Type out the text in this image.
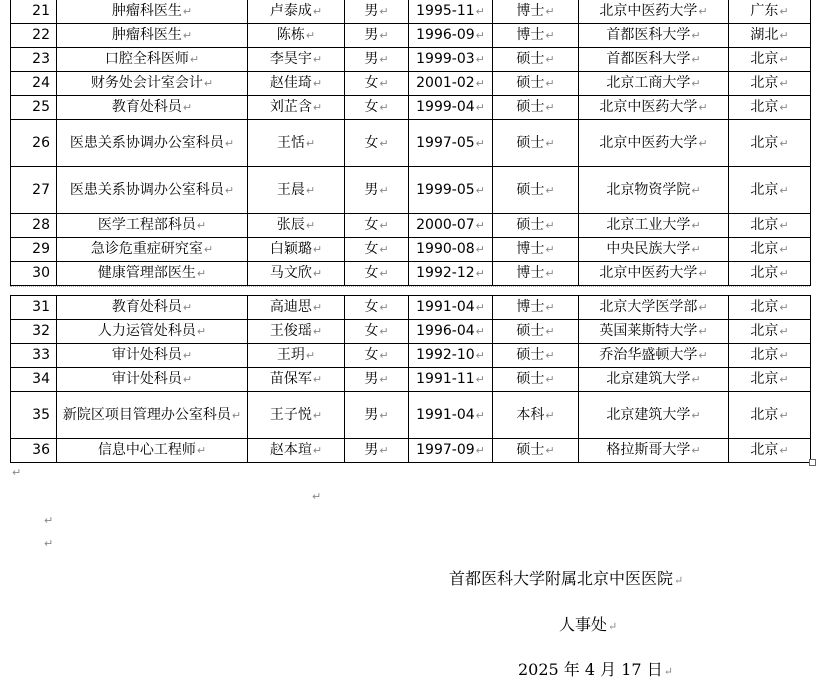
21	肿瘤科医生↵	卢泰成↵	男↵	1995-11↵	博士↵	北京中医药大学↵	广东↵
22	肿瘤科医生↵	陈栋↵	男↵	1996-09↵	博士↵	首都医科大学↵	湖北↵
23	口腔全科医师↵	李昊宇↵	男↵	1999-03↵	硕士↵	首都医科大学↵	北京↵
24	财务处会计室会计↵	赵佳琦↵	女↵	2001-02↵	硕士↵	北京工商大学↵	北京↵
25	教育处科员↵	刘芷含↵	女↵	1999-04↵	硕士↵	北京中医药大学↵	北京↵
26	医患关系协调办公室科员↵	王恬↵	女↵	1997-05↵	硕士↵	北京中医药大学↵	北京↵
27	医患关系协调办公室科员↵	王晨↵	男↵	1999-05↵	硕士↵	北京物资学院↵	北京↵
28	医学工程部科员↵	张辰↵	女↵	2000-07↵	硕士↵	北京工业大学↵	北京↵
29	急诊危重症研究室↵	白颖璐↵	女↵	1990-08↵	博士↵	中央民族大学↵	北京↵
30	健康管理部医生↵	马文欣↵	女↵	1992-12↵	博士↵	北京中医药大学↵	北京↵
31	教育处科员↵	高迪思↵	女↵	1991-04↵	博士↵	北京大学医学部↵	北京↵
32	人力运管处科员↵	王俊瑶↵	女↵	1996-04↵	硕士↵	英国莱斯特大学↵	北京↵
33	审计处科员↵	王玥↵	女↵	1992-10↵	硕士↵	乔治华盛顿大学↵	北京↵
34	审计处科员↵	苗保军↵	男↵	1991-11↵	硕士↵	北京建筑大学↵	北京↵
35	新院区项目管理办公室科员↵	王子悦↵	男↵	1991-04↵	本科↵	北京建筑大学↵	北京↵
36	信息中心工程师↵	赵本瑄↵	男↵	1997-09↵	硕士↵	格拉斯哥大学↵	北京↵
↵
↵
↵
↵
首都医科大学附属北京中医医院↵
人事处↵
2025 年 4 月 17 日↵
